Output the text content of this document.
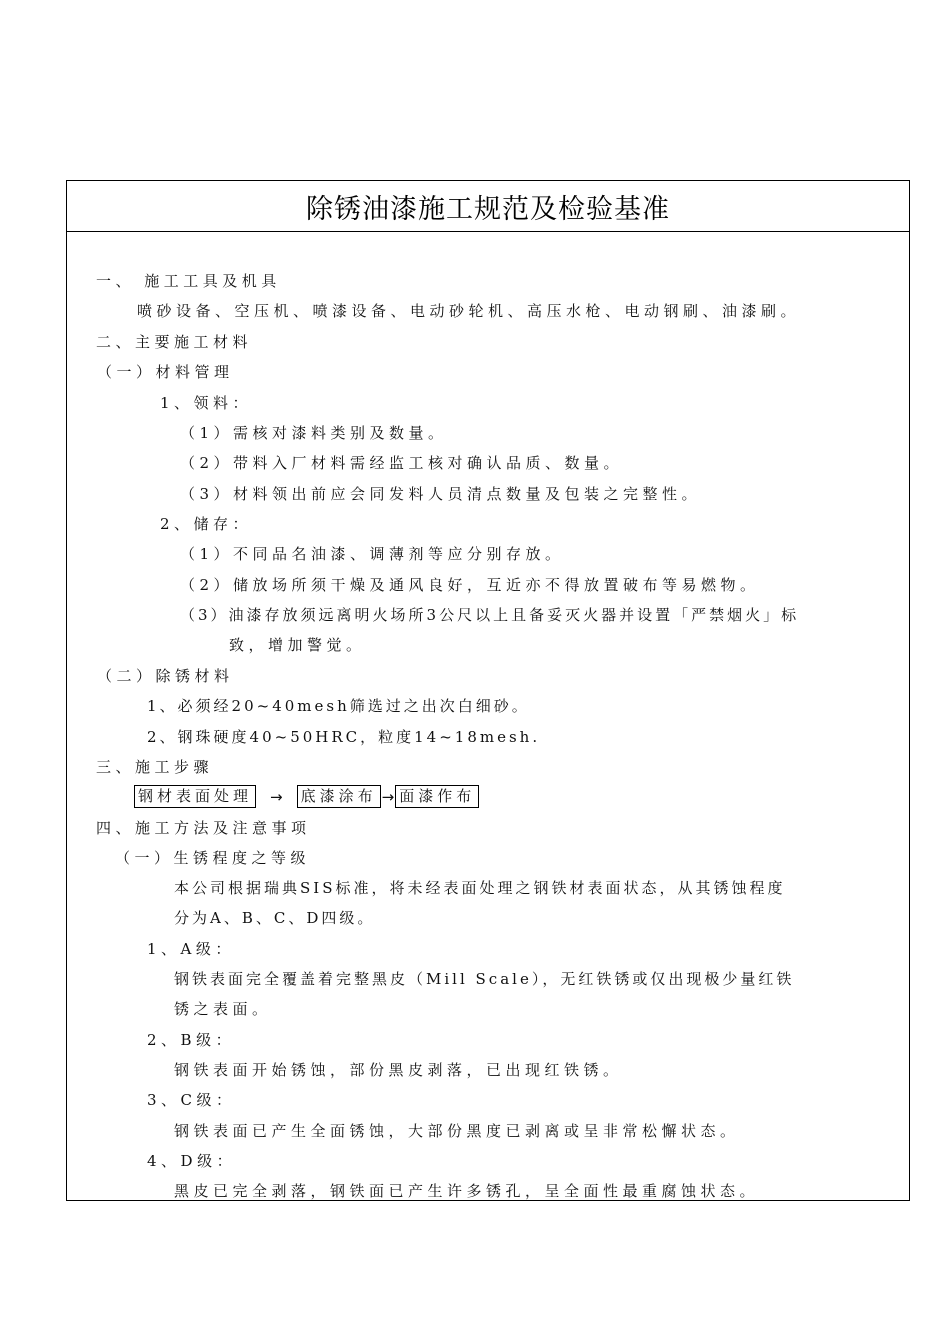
除锈油漆施工规范及检验基准
一、 施工工具及机具
喷砂设备、空压机、喷漆设备、电动砂轮机、高压水枪、电动钢刷、油漆刷。
二、主要施工材料
（一）材料管理
1、领料：
（1）需核对漆料类别及数量。
（2）带料入厂材料需经监工核对确认品质、数量。
（3）材料领出前应会同发料人员清点数量及包装之完整性。
2、储存：
（1）不同品名油漆、调薄剂等应分别存放。
（2）储放场所须干燥及通风良好，互近亦不得放置破布等易燃物。
（3）油漆存放须远离明火场所3公尺以上且备妥灭火器并设置「严禁烟火」标
致，增加警觉。
（二）除锈材料
1、必须经20~40mesh筛选过之出次白细砂。
2、钢珠硬度40~50HRC，粒度14~18mesh.
三、施工步骤
钢材表面处理 → 底漆涂布 → 面漆作布
四、施工方法及注意事项
（一）生锈程度之等级
本公司根据瑞典SIS标准，将未经表面处理之钢铁材表面状态，从其锈蚀程度
分为A、B、C、D四级。
1、A级：
钢铁表面完全覆盖着完整黑皮（Mill Scale），无红铁锈或仅出现极少量红铁
锈之表面。
2、B级：
钢铁表面开始锈蚀，部份黑皮剥落，已出现红铁锈。
3、C级：
钢铁表面已产生全面锈蚀，大部份黑度已剥离或呈非常松懈状态。
4、D级：
黑皮已完全剥落，钢铁面已产生许多锈孔，呈全面性最重腐蚀状态。
